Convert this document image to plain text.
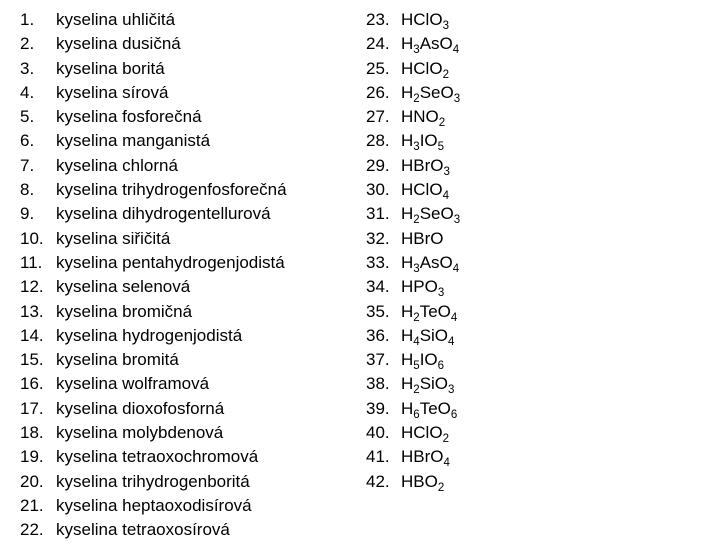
1. kyselina uhličitá
2. kyselina dusičná
3. kyselina boritá
4. kyselina sírová
5. kyselina fosforečná
6. kyselina manganistá
7. kyselina chlorná
8. kyselina trihydrogenfosforečná
9. kyselina dihydrogentellurová
10. kyselina siřičitá
11. kyselina pentahydrogenjodistá
12. kyselina selenová
13. kyselina bromičná
14. kyselina hydrogenjodistá
15. kyselina bromitá
16. kyselina wolframová
17. kyselina dioxofosforná
18. kyselina molybdenová
19. kyselina tetraoxochromová
20. kyselina trihydrogenboritá
21. kyselina heptaoxodisírová
22. kyselina tetraoxosírová
23. HClO$_3$
24. $H_3AsO_4$
25. HClO$_2$
26. $H_2SeO_3$
27. $HNO_2$
28. $H_3IO_5$
29. HBrO$_3$
30. HClO$_4$
31. $H_2SeO_3$
32. HBrO
33. $H_3AsO_4$
34. $HPO_3$
35. $H_2TeO_4$
36. $H_4SiO_4$
37. $H_5IO_6$
38. $H_2SiO_3$
39. $H_6TeO_6$
40. HClO$_2$
41. HBrO$_4$
42. $HBO_2$
